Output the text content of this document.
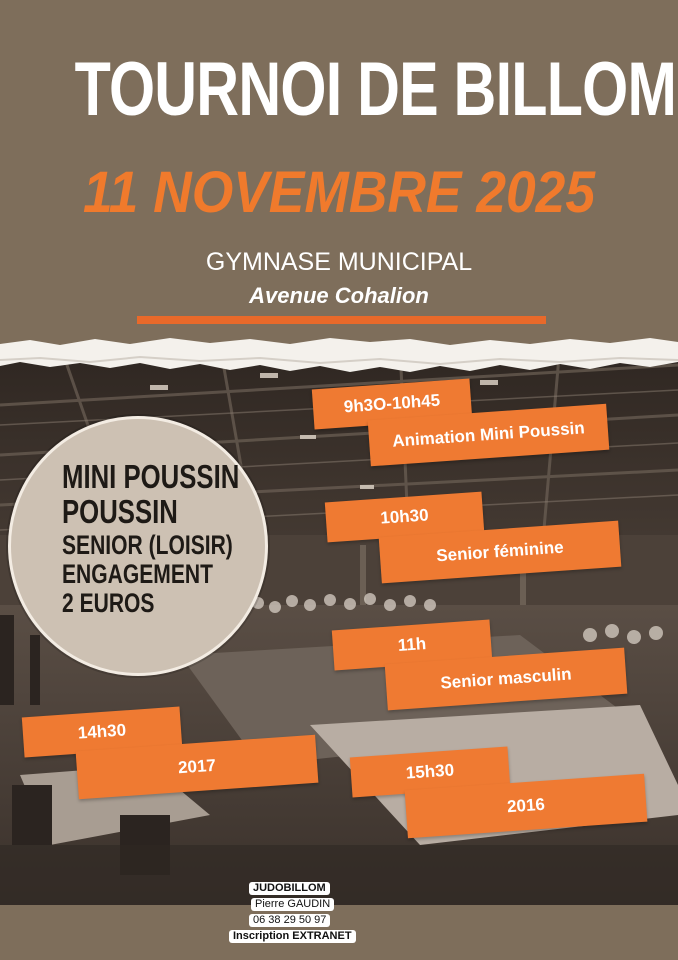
TOURNOI DE BILLOM
11 NOVEMBRE 2025
GYMNASE MUNICIPAL
Avenue Cohalion
MINI POUSSIN
POUSSIN
SENIOR (LOISIR)
ENGAGEMENT
2 EUROS
9h3O-10h45
Animation Mini Poussin
10h30
Senior féminine
11h
Senior masculin
14h30
2017	15h30
2016
JUDOBILLOM
Pierre GAUDIN
06 38 29 50 97
Inscription EXTRANET
